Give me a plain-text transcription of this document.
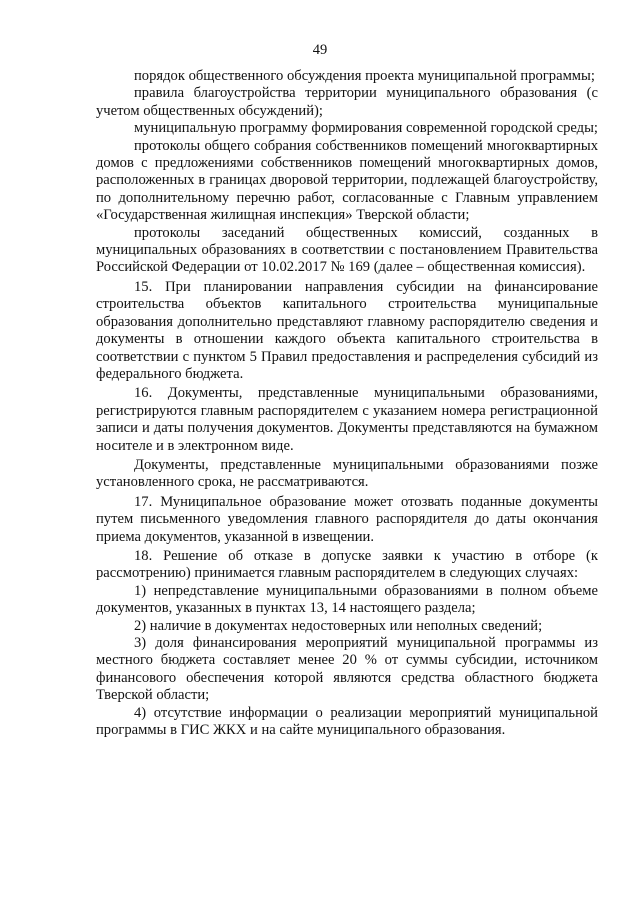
49

порядок общественного обсуждения проекта муниципальной программы;

правила благоустройства территории муниципального образования (с учетом общественных обсуждений);

муниципальную программу формирования современной городской среды;

протоколы общего собрания собственников помещений многоквартирных домов с предложениями собственников помещений многоквартирных домов, расположенных в границах дворовой территории, подлежащей благоустройству, по дополнительному перечню работ, согласованные с Главным управлением «Государственная жилищная инспекция» Тверской области;

протоколы заседаний общественных комиссий, созданных в муниципальных образованиях в соответствии с постановлением Правительства Российской Федерации от 10.02.2017 № 169 (далее – общественная комиссия).

15. При планировании направления субсидии на финансирование строительства объектов капитального строительства муниципальные образования дополнительно представляют главному распорядителю сведения и документы в отношении каждого объекта капитального строительства в соответствии с пунктом 5 Правил предоставления и распределения субсидий из федерального бюджета.

16. Документы, представленные муниципальными образованиями, регистрируются главным распорядителем с указанием номера регистрационной записи и даты получения документов. Документы представляются на бумажном носителе и в электронном виде.

Документы, представленные муниципальными образованиями позже установленного срока, не рассматриваются.

17. Муниципальное образование может отозвать поданные документы путем письменного уведомления главного распорядителя до даты окончания приема документов, указанной в извещении.

18. Решение об отказе в допуске заявки к участию в отборе (к рассмотрению) принимается главным распорядителем в следующих случаях:

1) непредставление муниципальными образованиями в полном объеме документов, указанных в пунктах 13, 14 настоящего раздела;

2) наличие в документах недостоверных или неполных сведений;

3) доля финансирования мероприятий муниципальной программы из местного бюджета составляет менее 20 % от суммы субсидии, источником финансового обеспечения которой являются средства областного бюджета Тверской области;

4) отсутствие информации о реализации мероприятий муниципальной программы в ГИС ЖКХ и на сайте муниципального образования.
